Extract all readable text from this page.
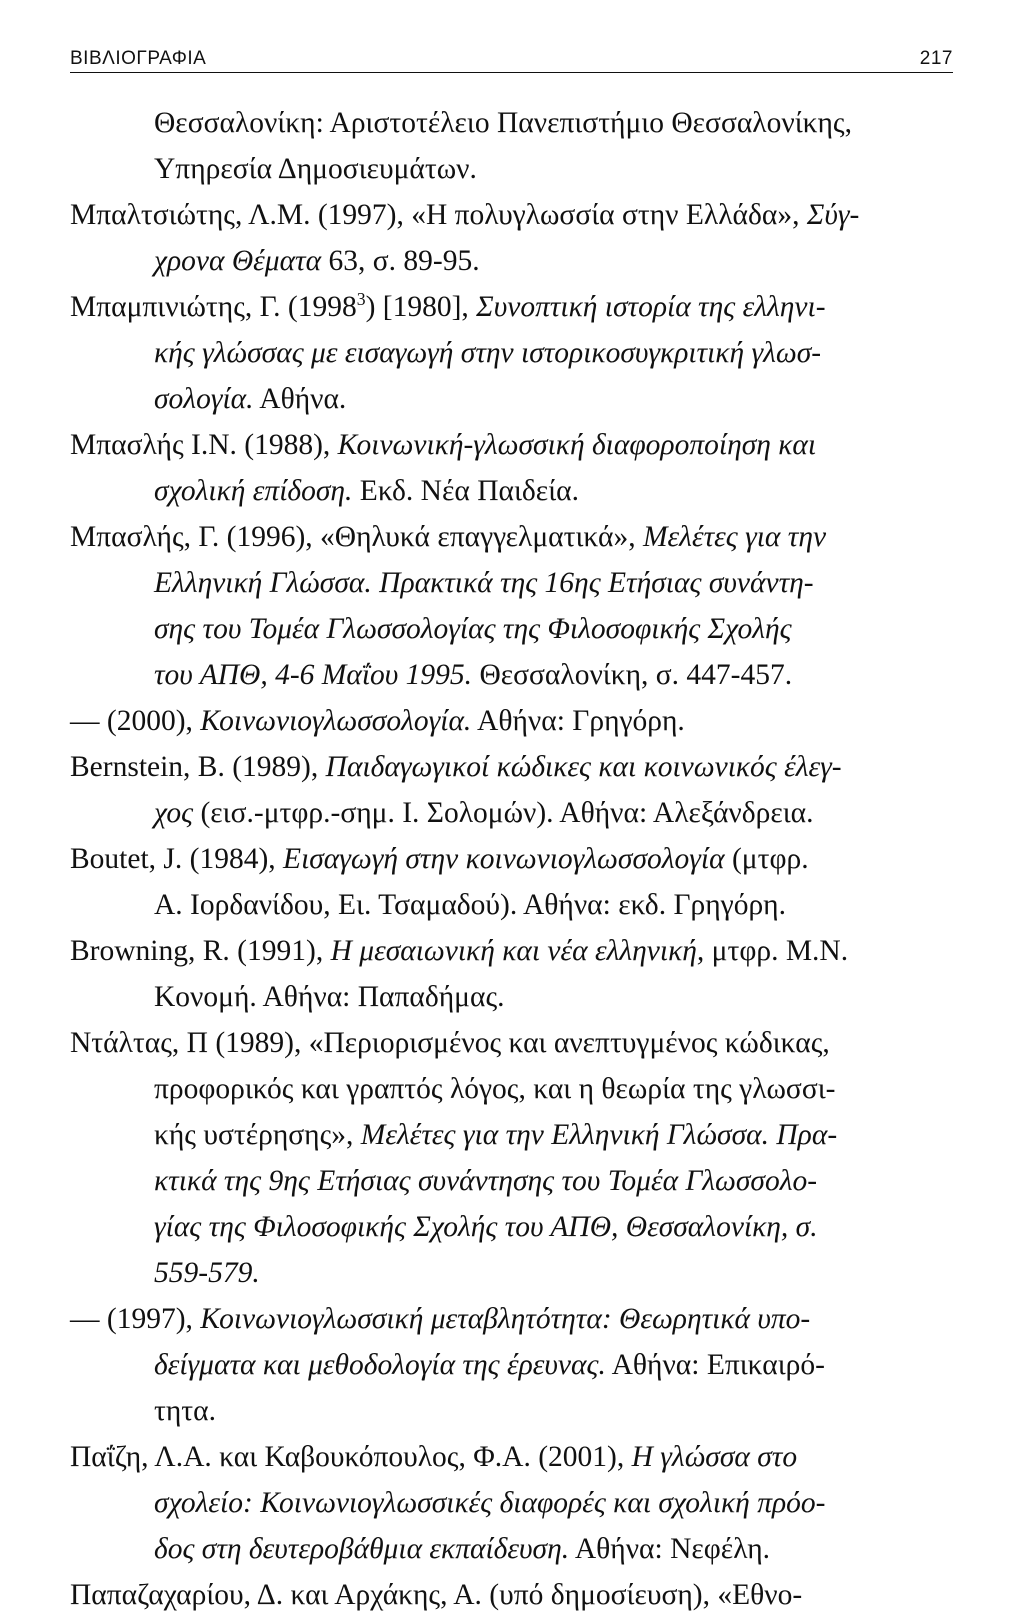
ΒΙΒΛΙΟΓΡΑΦΙΑ	217
Θεσσαλονίκη: Αριστοτέλειο Πανεπιστήμιο Θεσσαλονίκης,
Υπηρεσία Δημοσιευμάτων.
Μπαλτσιώτης, Λ.Μ. (1997), «Η πολυγλωσσία στην Ελλάδα», Σύγ-
χρονα Θέματα 63, σ. 89-95.
Μπαμπινιώτης, Γ. (1998$^3$) [1980], Συνοπτική ιστορία της ελληνι-
κής γλώσσας με εισαγωγή στην ιστορικοσυγκριτική γλωσ-
σολογία. Αθήνα.
Μπασλής Ι.Ν. (1988), Κοινωνική-γλωσσική διαφοροποίηση και
σχολική επίδοση. Εκδ. Νέα Παιδεία.
Μπασλής, Γ. (1996), «Θηλυκά επαγγελματικά», Μελέτες για την
Ελληνική Γλώσσα. Πρακτικά της 16ης Ετήσιας συνάντη-
σης του Τομέα Γλωσσολογίας της Φιλοσοφικής Σχολής
του ΑΠΘ, 4-6 Μαΐου 1995. Θεσσαλονίκη, σ. 447-457.
— (2000), Κοινωνιογλωσσολογία. Αθήνα: Γρηγόρη.
Bernstein, B. (1989), Παιδαγωγικοί κώδικες και κοινωνικός έλεγ-
χος (εισ.-μτφρ.-σημ. Ι. Σολομών). Αθήνα: Αλεξάνδρεια.
Boutet, J. (1984), Εισαγωγή στην κοινωνιογλωσσολογία (μτφρ.
Α. Ιορδανίδου, Ει. Τσαμαδού). Αθήνα: εκδ. Γρηγόρη.
Browning, R. (1991), Η μεσαιωνική και νέα ελληνική, μτφρ. Μ.Ν.
Κονομή. Αθήνα: Παπαδήμας.
Ντάλτας, Π (1989), «Περιορισμένος και ανεπτυγμένος κώδικας,
προφορικός και γραπτός λόγος, και η θεωρία της γλωσσι-
κής υστέρησης», Μελέτες για την Ελληνική Γλώσσα. Πρα-
κτικά της 9ης Ετήσιας συνάντησης του Τομέα Γλωσσολο-
γίας της Φιλοσοφικής Σχολής του ΑΠΘ, Θεσσαλονίκη, σ.
559-579.
— (1997), Κοινωνιογλωσσική μεταβλητότητα: Θεωρητικά υπο-
δείγματα και μεθοδολογία της έρευνας. Αθήνα: Επικαιρό-
τητα.
Παΐζη, Λ.Α. και Καβουκόπουλος, Φ.Α. (2001), Η γλώσσα στο
σχολείο: Κοινωνιογλωσσικές διαφορές και σχολική πρόο-
δος στη δευτεροβάθμια εκπαίδευση. Αθήνα: Νεφέλη.
Παπαζαχαρίου, Δ. και Αρχάκης, Α. (υπό δημοσίευση), «Εθνο-
